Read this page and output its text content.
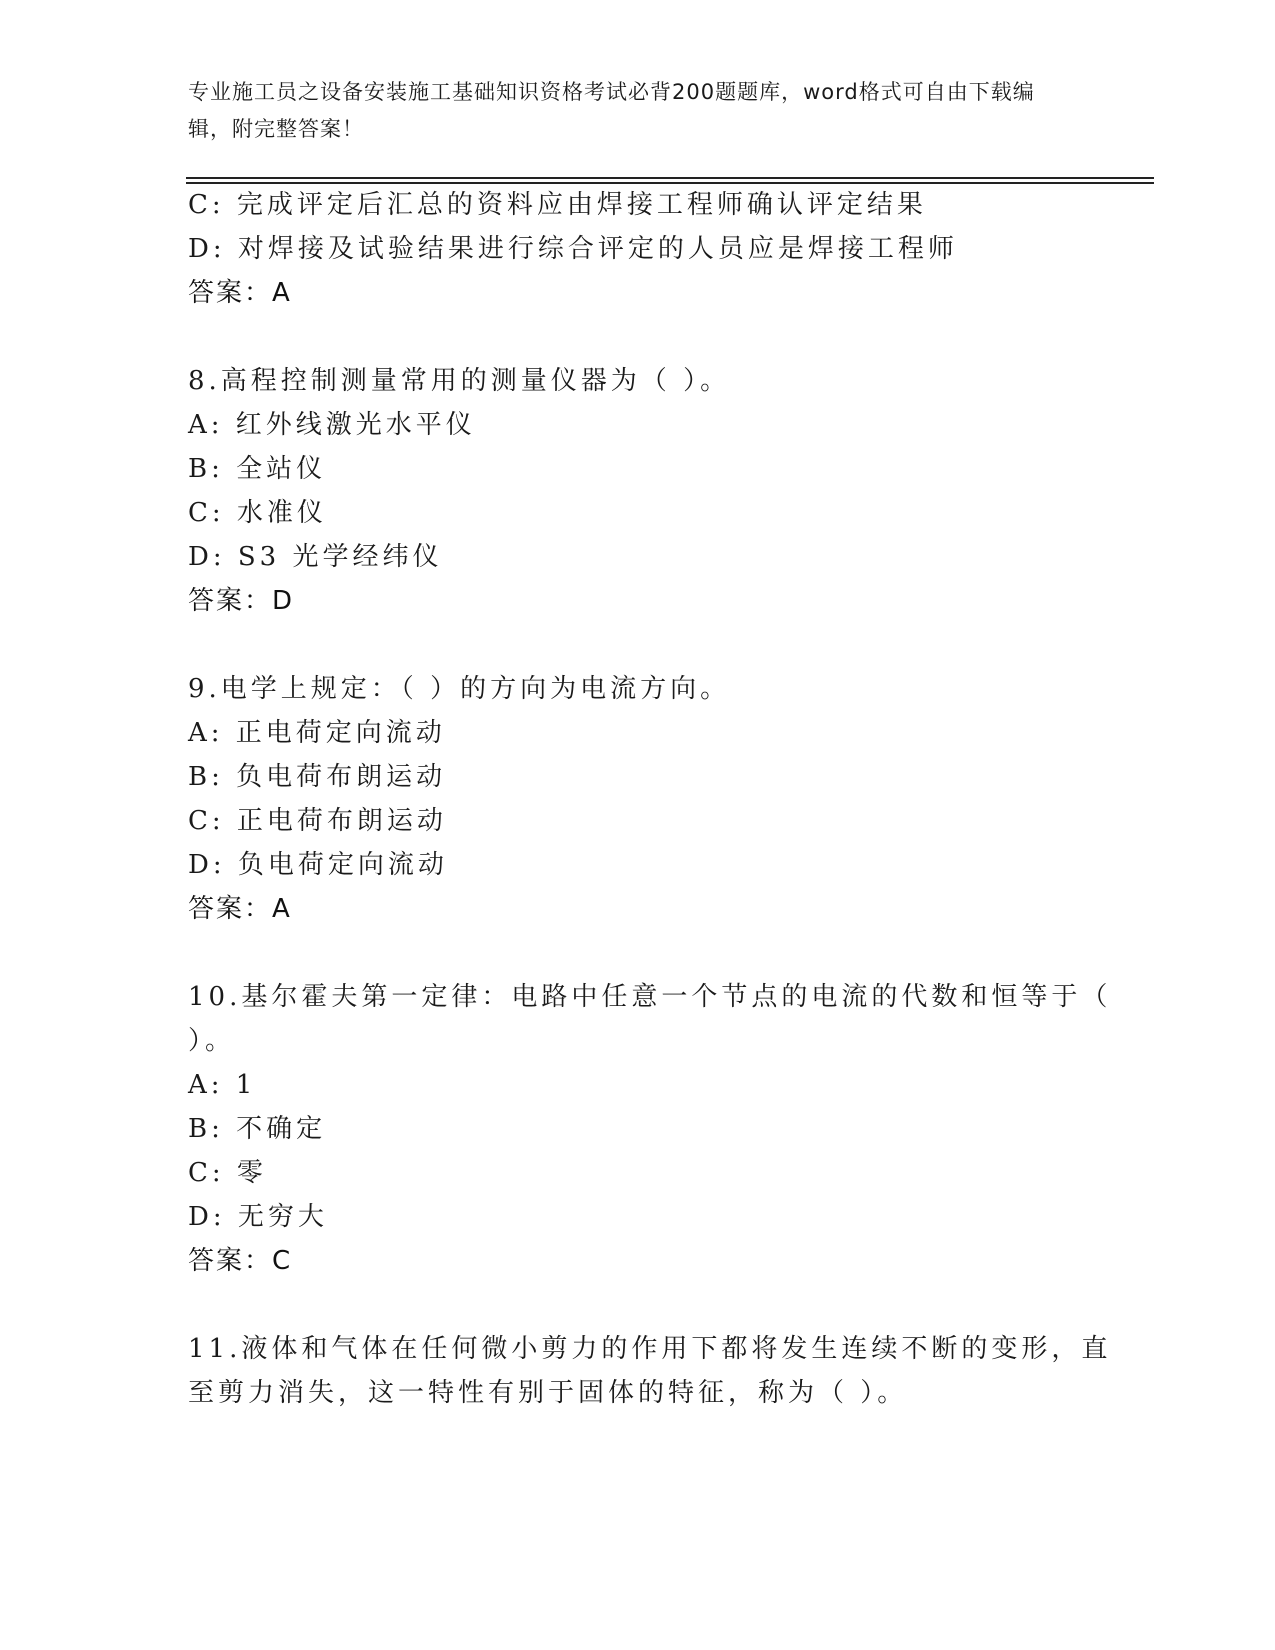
专业施工员之设备安装施工基础知识资格考试必背200题题库，word格式可自由下载编辑，附完整答案！
C: 完成评定后汇总的资料应由焊接工程师确认评定结果
D: 对焊接及试验结果进行综合评定的人员应是焊接工程师
答案：A
8.高程控制测量常用的测量仪器为（ ）。
A: 红外线激光水平仪
B: 全站仪
C: 水准仪
D: S3 光学经纬仪
答案：D
9.电学上规定：（ ）的方向为电流方向。
A: 正电荷定向流动
B: 负电荷布朗运动
C: 正电荷布朗运动
D: 负电荷定向流动
答案：A
10.基尔霍夫第一定律：电路中任意一个节点的电流的代数和恒等于（
）。
A: 1
B: 不确定
C: 零
D: 无穷大
答案：C
11.液体和气体在任何微小剪力的作用下都将发生连续不断的变形，直
至剪力消失，这一特性有别于固体的特征，称为（ ）。
